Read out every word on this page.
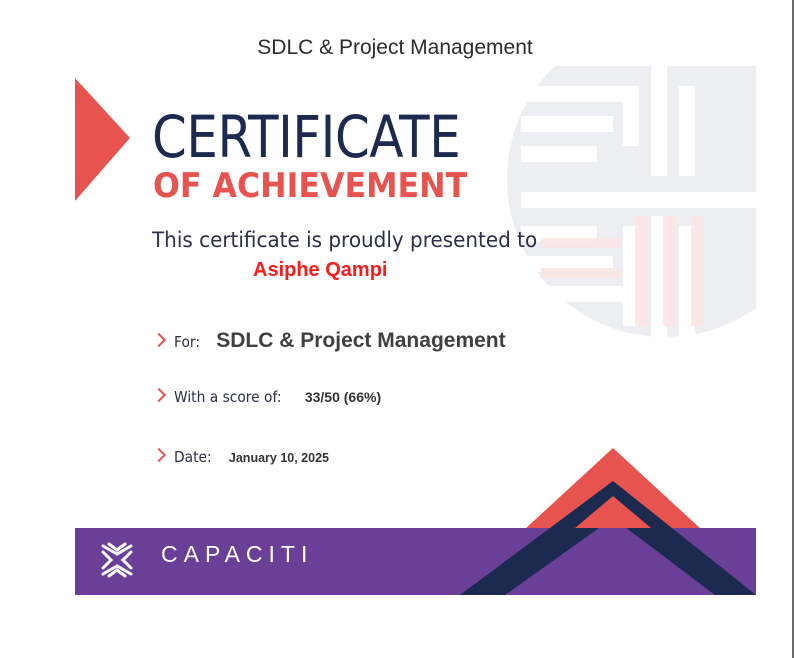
SDLC & Project Management
CERTIFICATE
OF ACHIEVEMENT
This certificate is proudly presented to
Asiphe Qampi
For: SDLC & Project Management
With a score of: 33/50 (66%)
Date: January 10, 2025
CAPACITI
